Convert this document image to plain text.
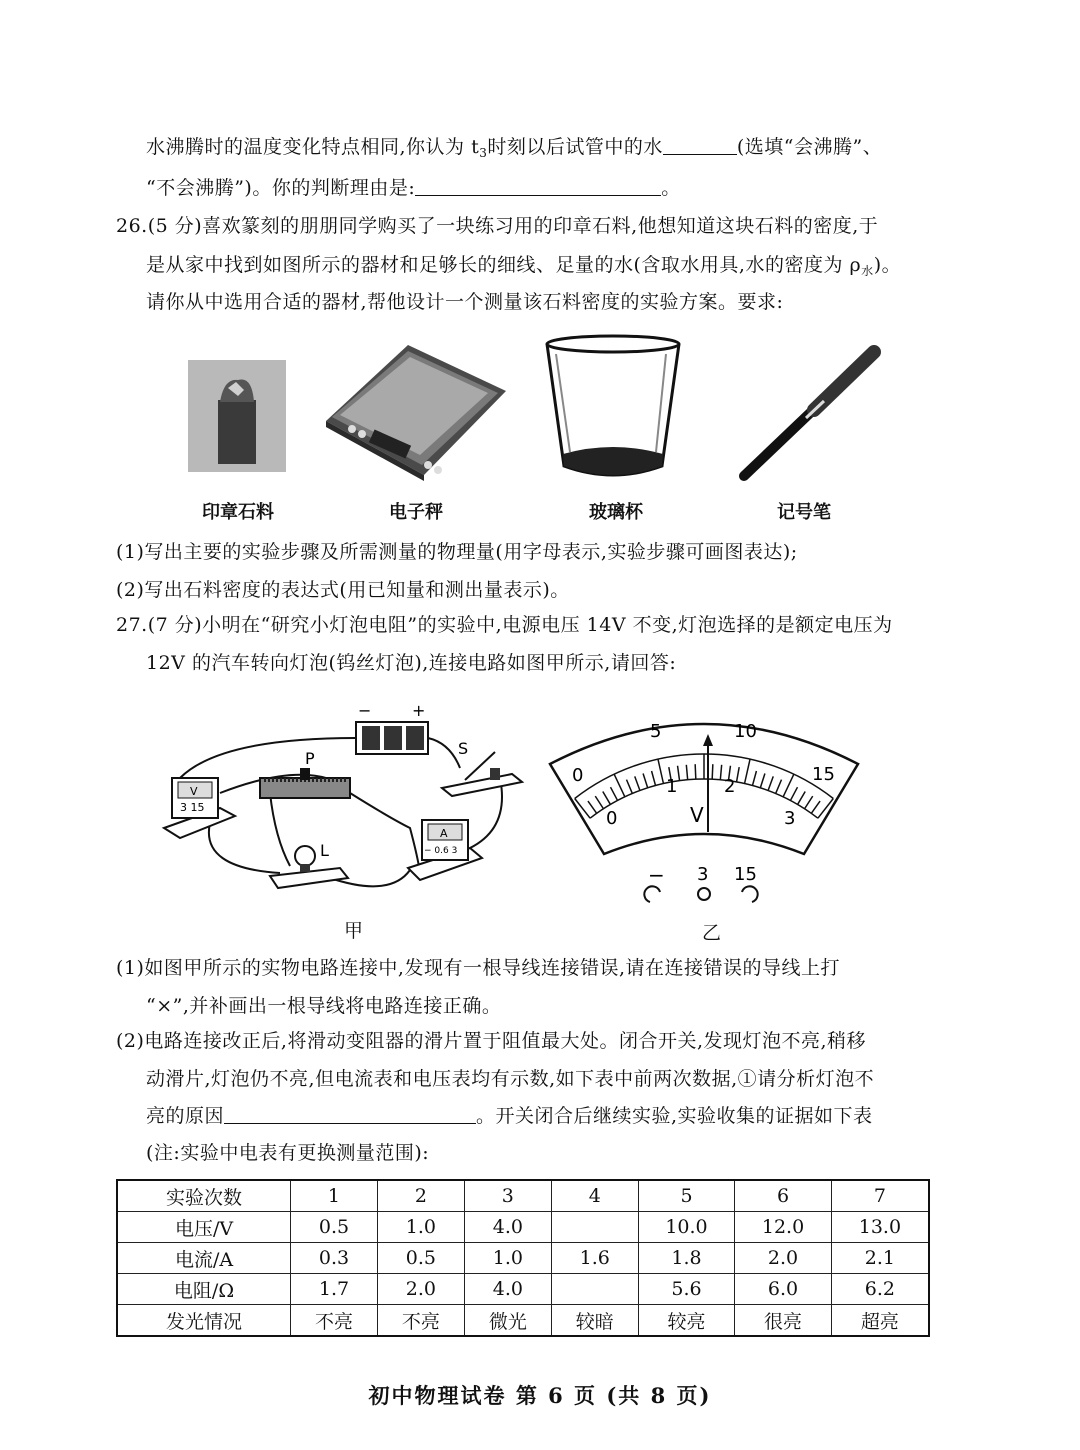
水沸腾时的温度变化特点相同,你认为 $t_3$时刻以后试管中的水	(选填“会沸腾”、
“不会沸腾”)。你的判断理由是:	。
26.(5 分)喜欢篆刻的朋朋同学购买了一块练习用的印章石料,他想知道这块石料的密度,于
是从家中找到如图所示的器材和足够长的细线、足量的水(含取水用具,水的密度为 $\rho_水$)。
请你从中选用合适的器材,帮他设计一个测量该石料密度的实验方案。要求:
印章石料	电子秤	玻璃杯	记号笔
(1)写出主要的实验步骤及所需测量的物理量(用字母表示,实验步骤可画图表达);
(2)写出石料密度的表达式(用已知量和测出量表示)。
27.(7 分)小明在“研究小灯泡电阻”的实验中,电源电压 14V 不变,灯泡选择的是额定电压为
12V 的汽车转向灯泡(钨丝灯泡),连接电路如图甲所示,请回答:
−	+
S
V
3 15
P
L
A
− 0.6 3
甲
0
5	10
15
0
1	2
3
V
− 3 15
乙
(1)如图甲所示的实物电路连接中,发现有一根导线连接错误,请在连接错误的导线上打
“×”,并补画出一根导线将电路连接正确。
(2)电路连接改正后,将滑动变阻器的滑片置于阻值最大处。闭合开关,发现灯泡不亮,稍移
动滑片,灯泡仍不亮,但电流表和电压表均有示数,如下表中前两次数据,①请分析灯泡不
亮的原因	。开关闭合后继续实验,实验收集的证据如下表
(注:实验中电表有更换测量范围):
实验次数	1	2	3	4	5	6	7
电压/V	0.5	1.0	4.0		10.0	12.0	13.0
电流/A	0.3	0.5	1.0	1.6	1.8	2.0	2.1
电阻/Ω	1.7	2.0	4.0		5.6	6.0	6.2
发光情况	不亮	不亮	微光	较暗	较亮	很亮	超亮
初中物理试卷 第 6 页 (共 8 页)
